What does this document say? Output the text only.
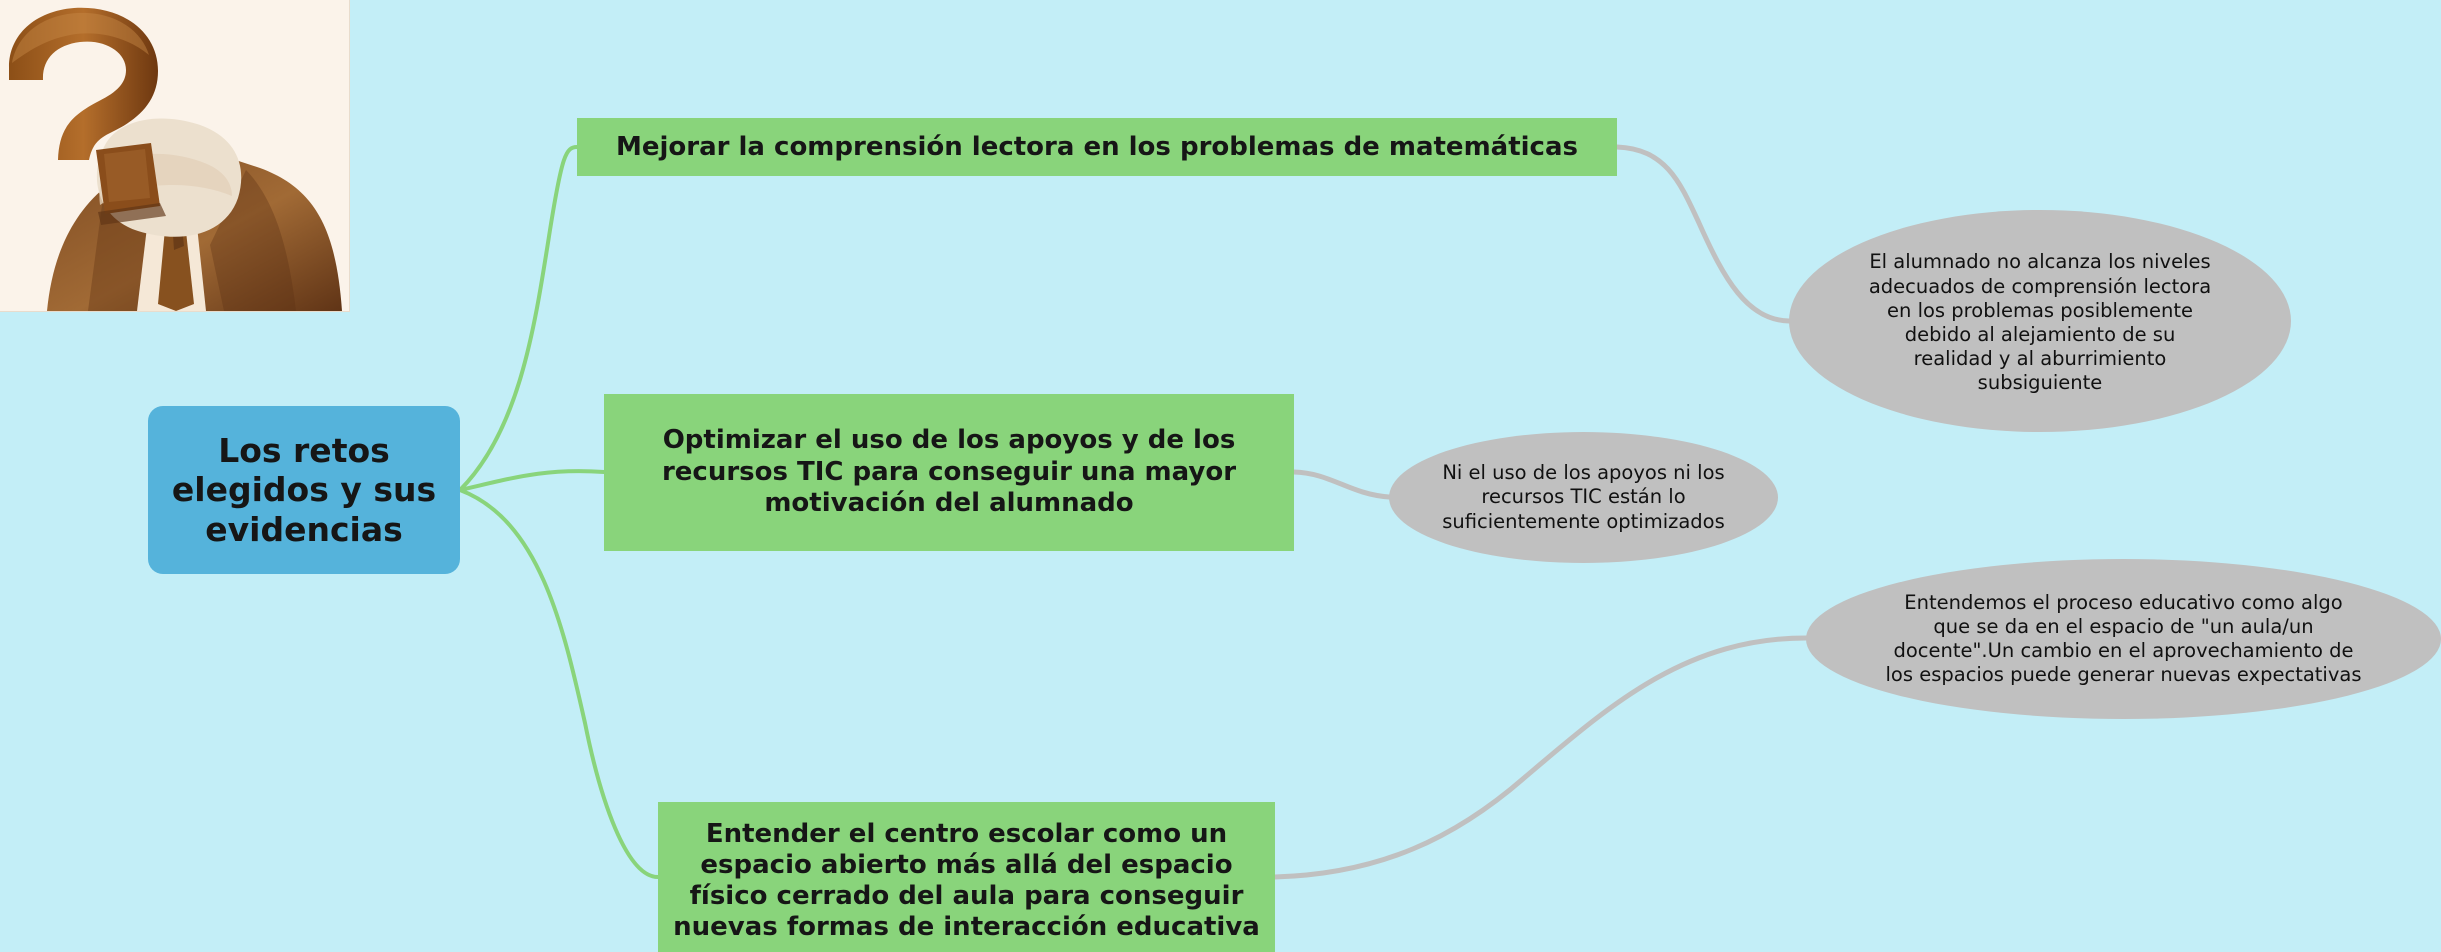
Los retos elegidos y sus evidencias
Mejorar la comprensión lectora en los problemas de matemáticas
Optimizar el uso de los apoyos y de los recursos TIC para conseguir una mayor motivación del alumnado
Entender el centro escolar como un espacio abierto más allá del espacio físico cerrado del aula para conseguir nuevas formas de interacción educativa
El alumnado no alcanza los niveles adecuados de comprensión lectora en los problemas posiblemente debido al alejamiento de su realidad y al aburrimiento subsiguiente
Ni el uso de los apoyos ni los recursos TIC están lo suficientemente optimizados
Entendemos el proceso educativo como algo que se da en el espacio de "un aula/un docente".Un cambio en el aprovechamiento de los espacios puede generar nuevas expectativas
